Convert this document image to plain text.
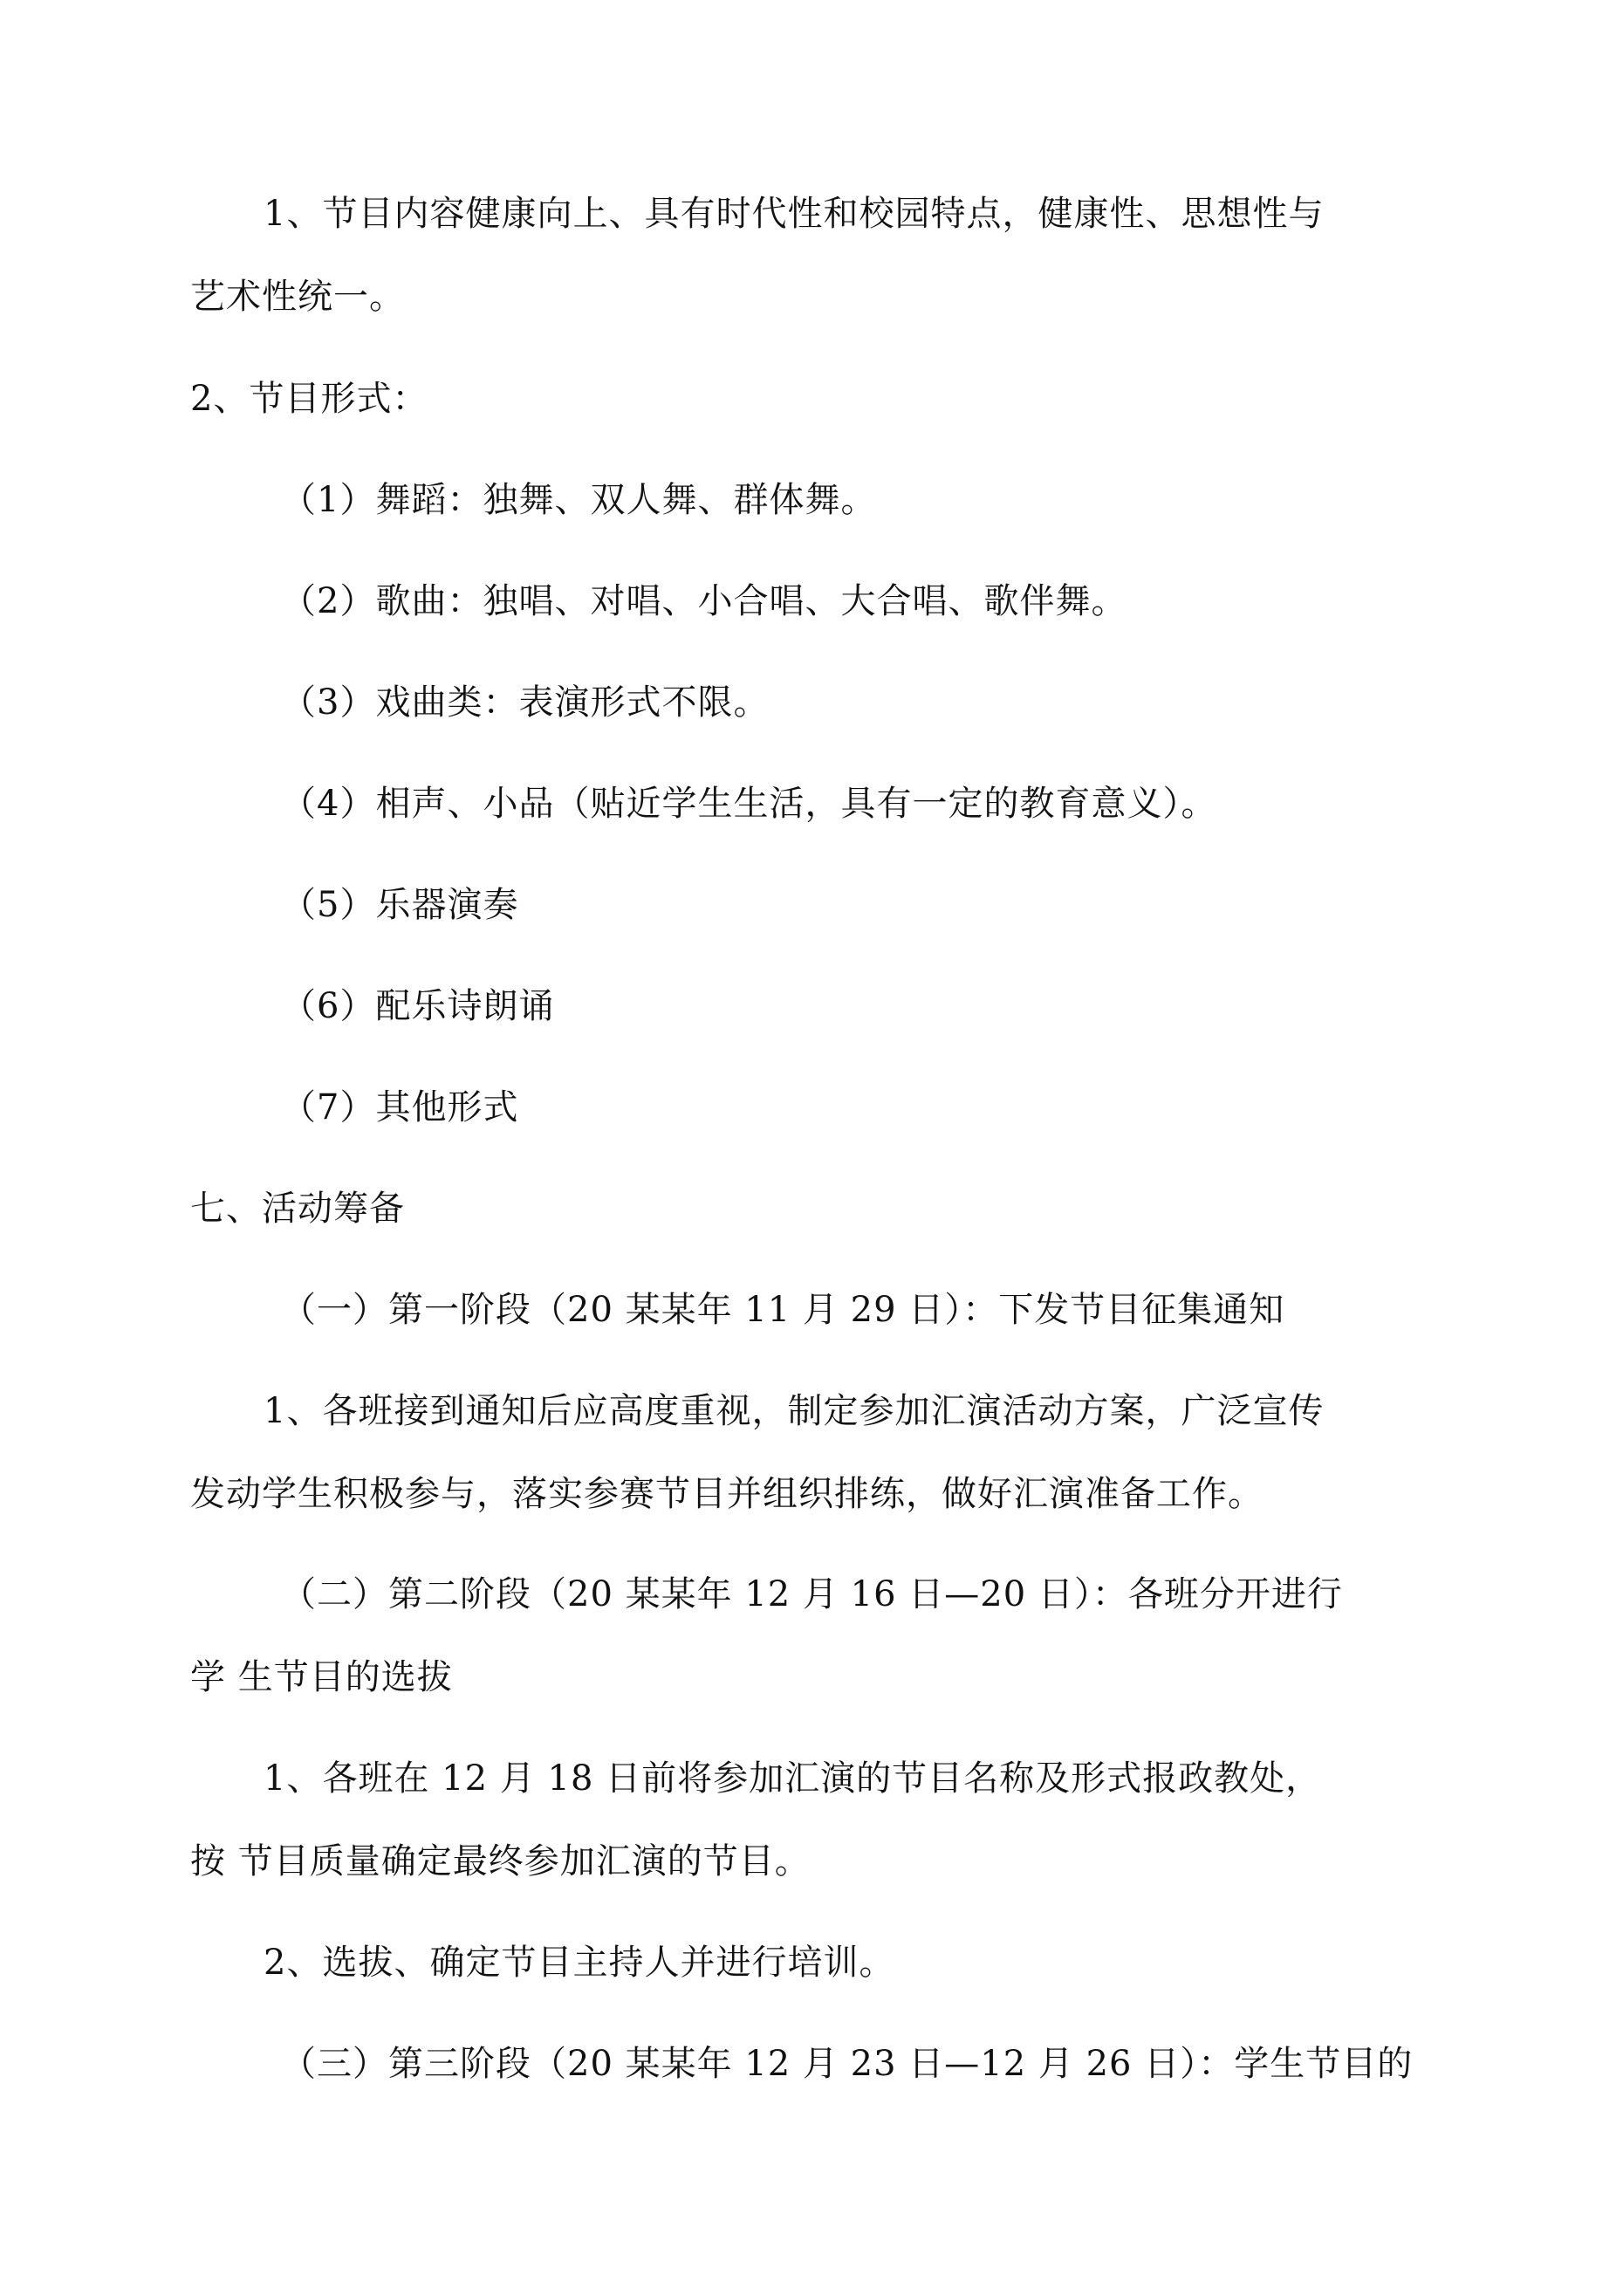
1、节目内容健康向上、具有时代性和校园特点，健康性、思想性与
艺术性统一。
2、节目形式：
（1）舞蹈：独舞、双人舞、群体舞。
（2）歌曲：独唱、对唱、小合唱、大合唱、歌伴舞。
（3）戏曲类：表演形式不限。
（4）相声、小品（贴近学生生活，具有一定的教育意义）。
（5）乐器演奏
（6）配乐诗朗诵
（7）其他形式
七、活动筹备
（一）第一阶段（20 某某年 11 月 29 日）：下发节目征集通知
1、各班接到通知后应高度重视，制定参加汇演活动方案，广泛宣传
发动学生积极参与，落实参赛节目并组织排练，做好汇演准备工作。
（二）第二阶段（20 某某年 12 月 16 日—20 日）：各班分开进行
学 生节目的选拔
1、各班在 12 月 18 日前将参加汇演的节目名称及形式报政教处，
按 节目质量确定最终参加汇演的节目。
2、选拔、确定节目主持人并进行培训。
（三）第三阶段（20 某某年 12 月 23 日—12 月 26 日）：学生节目的
